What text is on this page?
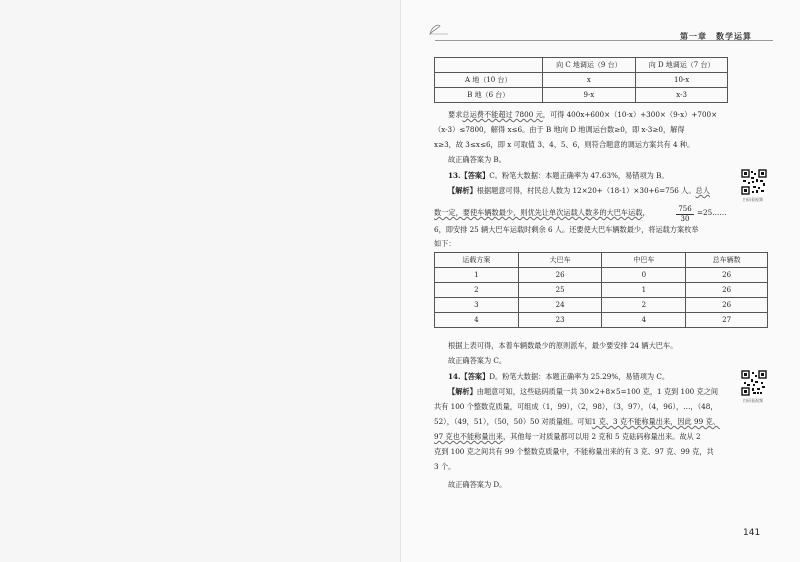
第一章　数学运算
	向 C 地调运（9 台）	向 D 地调运（7 台）
A 地（10 台）	x	10-x
B 地（6 台）	9-x	x-3
要求总运费不能超过 7800 元，可得 400x+600×（10-x）+300×（9-x）+700×
（x-3）≤7800，解得 x≤6。由于 B 地向 D 地调运台数≥0，即 x-3≥0，解得
x≥3，故 3≤x≤6，即 x 可取值 3、4、5、6，则符合题意的调运方案共有 4 种。
故正确答案为 B。
13.【答案】C。粉笔大数据：本题正确率为 47.63%，易错项为 B。
【解析】根据题意可得，村民总人数为 12×20+（18-1）×30+6=756 人。总人
数一定，要使车辆数最少，则优先让单次运载人数多的大巴车运载，	$\frac{756}{30}$ =25……
6，即安排 25 辆大巴车运载时剩余 6 人。还要使大巴车辆数最少，将运载方案枚举
如下：
运载方案	大巴车	中巴车	总车辆数
1	26	0	26
2	25	1	26
3	24	2	26
4	23	4	27
根据上表可得，本着车辆数最少的原则派车，最少要安排 24 辆大巴车。
故正确答案为 C。
14.【答案】D。粉笔大数据：本题正确率为 25.29%，易错项为 C。
【解析】由题意可知，这些砝码质量一共 30×2+8×5=100 克，1 克到 100 克之间
共有 100 个整数克质量，可组成（1，99），（2，98），（3，97），（4，96），…，（48，
52），（49，51），（50，50）50 对质量组。可知1 克、3 克不能称量出来，因此 99 克、
97 克也不能称量出来，其他每一对质量都可以用 2 克和 5 克砝码称量出来。故从 2
克到 100 克之间共有 99 个整数克质量中，不能称量出来的有 3 克、97 克、99 克，共
3 个。
故正确答案为 D。
扫码看视频
扫码看视频
141
